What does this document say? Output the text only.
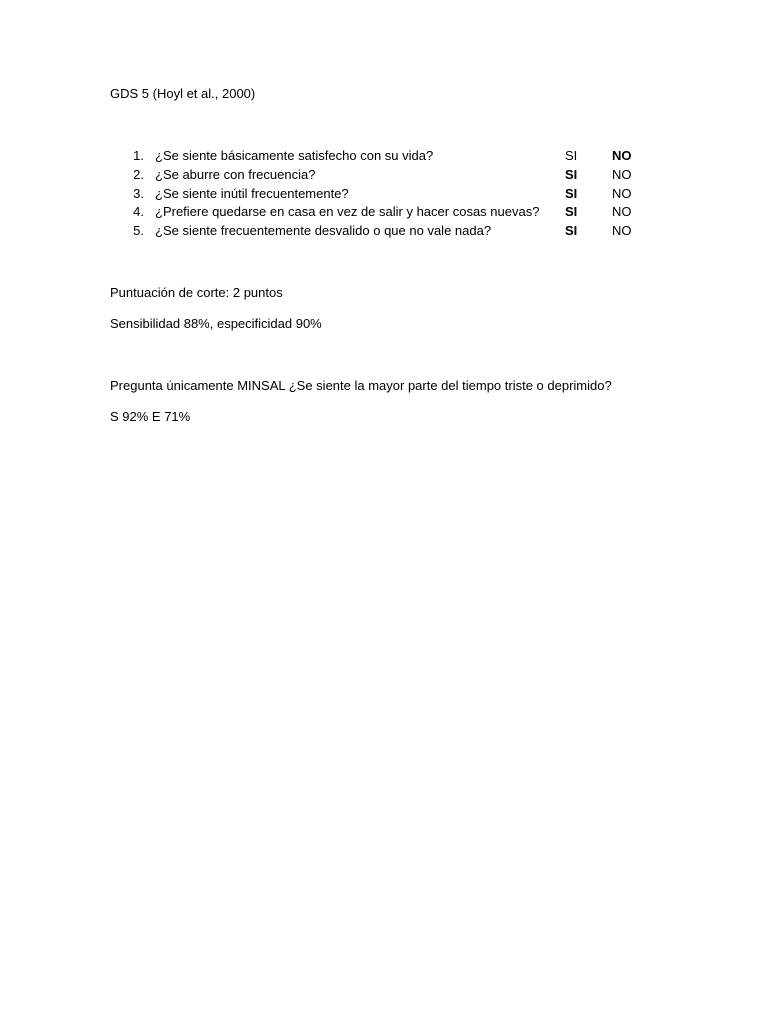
GDS 5 (Hoyl et al., 2000)
1. ¿Se siente básicamente satisfecho con su vida?	SI	NO
2. ¿Se aburre con frecuencia?	SI	NO
3. ¿Se siente inútil frecuentemente?	SI	NO
4. ¿Prefiere quedarse en casa en vez de salir y hacer cosas nuevas? SI	NO
5. ¿Se siente frecuentemente desvalido o que no vale nada?	SI	NO
Puntuación de corte: 2 puntos
Sensibilidad 88%, especificidad 90%
Pregunta únicamente MINSAL ¿Se siente la mayor parte del tiempo triste o deprimido?
S 92% E 71%
